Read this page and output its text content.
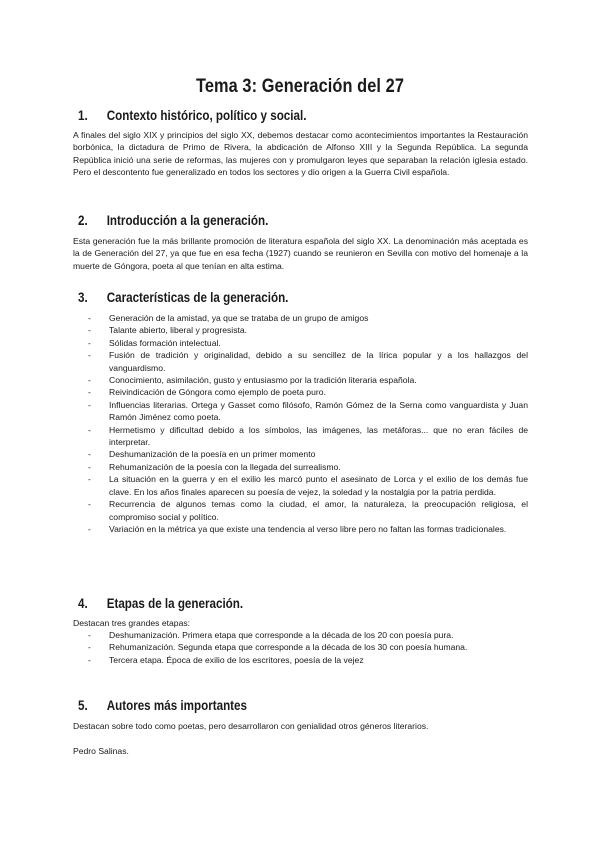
Tema 3: Generación del 27
1. Contexto histórico, político y social.
A finales del siglo XIX y principios del siglo XX, debemos destacar como acontecimientos importantes la Restauración borbónica, la dictadura de Primo de Rivera, la abdicación de Alfonso XIII y la Segunda República. La segunda República inició una serie de reformas, las mujeres con y promulgaron leyes que separaban la relación iglesia estado. Pero el descontento fue generalizado en todos los sectores y dio origen a la Guerra Civil española.
2. Introducción a la generación.
Esta generación fue la más brillante promoción de literatura española del siglo XX. La denominación más aceptada es la de Generación del 27, ya que fue en esa fecha (1927) cuando se reunieron en Sevilla con motivo del homenaje a la muerte de Góngora, poeta al que tenían en alta estima.
3. Características de la generación.
- Generación de la amistad, ya que se trataba de un grupo de amigos
- Talante abierto, liberal y progresista.
- Sólidas formación intelectual.
- Fusión de tradición y originalidad, debido a su sencillez de la lírica popular y a los hallazgos del vanguardismo.
- Conocimiento, asimilación, gusto y entusiasmo por la tradición literaria española.
- Reivindicación de Góngora como ejemplo de poeta puro.
- Influencias literarias. Ortega y Gasset como filósofo, Ramón Gómez de la Serna como vanguardista y Juan Ramón Jiménez como poeta.
- Hermetismo y dificultad debido a los símbolos, las imágenes, las metáforas... que no eran fáciles de interpretar.
- Deshumanización de la poesía en un primer momento
- Rehumanización de la poesía con la llegada del surrealismo.
- La situación en la guerra y en el exilio les marcó punto el asesinato de Lorca y el exilio de los demás fue clave. En los años finales aparecen su poesía de vejez, la soledad y la nostalgia por la patria perdida.
- Recurrencia de algunos temas como la ciudad, el amor, la naturaleza, la preocupación religiosa, el compromiso social y político.
- Variación en la métrica ya que existe una tendencia al verso libre pero no faltan las formas tradicionales.
4. Etapas de la generación.
Destacan tres grandes etapas:
- Deshumanización. Primera etapa que corresponde a la década de los 20 con poesía pura.
- Rehumanización. Segunda etapa que corresponde a la década de los 30 con poesía humana.
- Tercera etapa. Época de exilio de los escritores, poesía de la vejez
5. Autores más importantes
Destacan sobre todo como poetas, pero desarrollaron con genialidad otros géneros literarios.
Pedro Salinas.
